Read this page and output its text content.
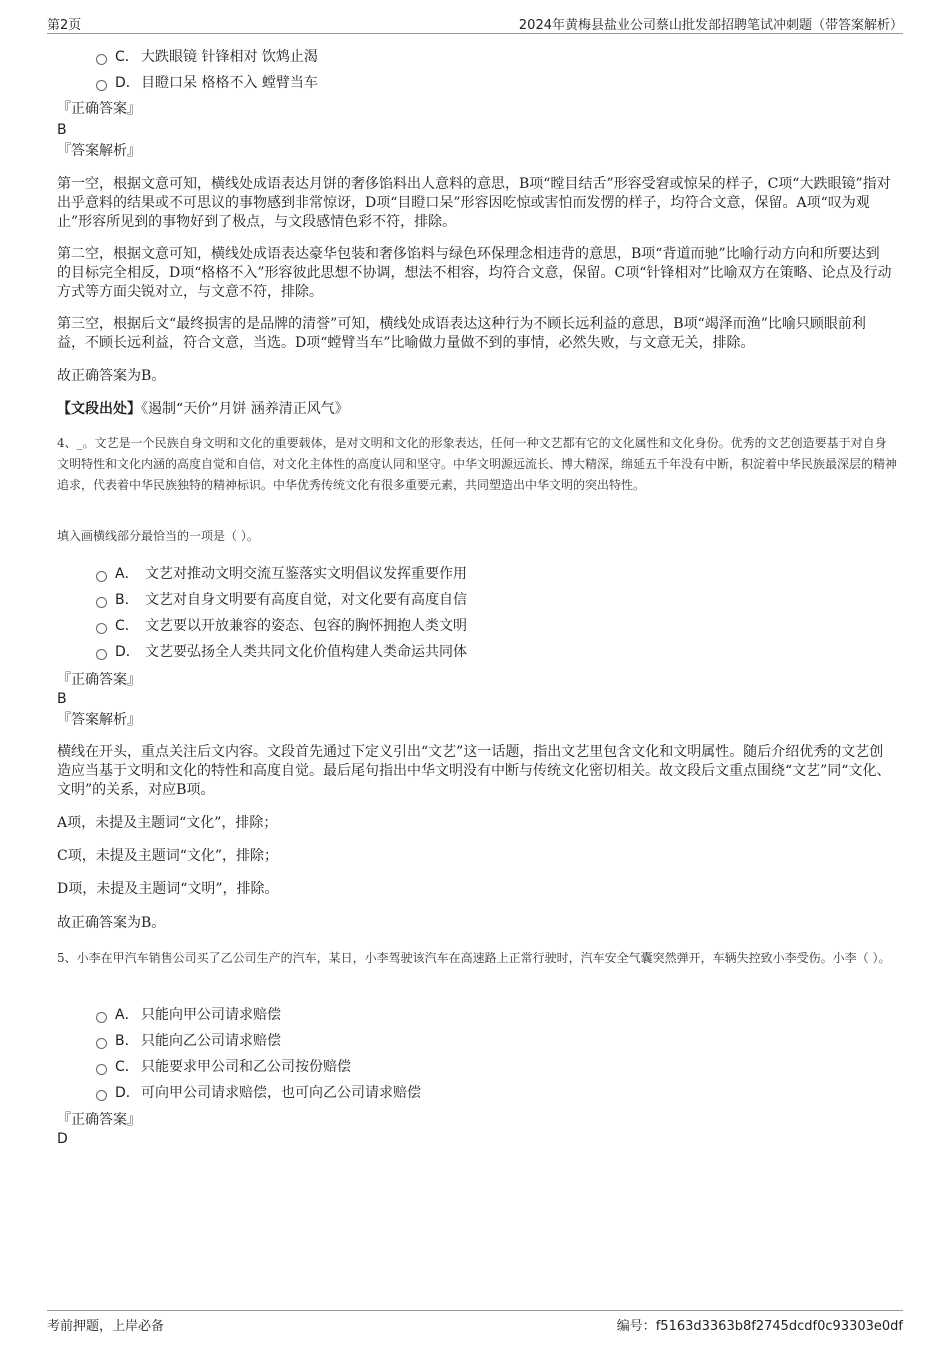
第2页	2024年黄梅县盐业公司蔡山批发部招聘笔试冲刺题（带答案解析）
C． 大跌眼镜 针锋相对 饮鸩止渴
D．目瞪口呆 格格不入 螳臂当车
『正确答案』
B
『答案解析』

第一空，根据文意可知，横线处成语表达月饼的奢侈馅料出人意料的意思，B项“瞠目结舌”形容受窘或惊呆的样子，C项“大跌眼镜”指对出乎意料的结果或不可思议的事物感到非常惊讶，D项“目瞪口呆”形容因吃惊或害怕而发愣的样子，均符合文意，保留。A项“叹为观止”形容所见到的事物好到了极点，与文段感情色彩不符，排除。

第二空，根据文意可知，横线处成语表达豪华包装和奢侈馅料与绿色环保理念相违背的意思，B项“背道而驰”比喻行动方向和所要达到的目标完全相反，D项“格格不入”形容彼此思想不协调，想法不相容，均符合文意，保留。C项“针锋相对”比喻双方在策略、论点及行动方式等方面尖锐对立，与文意不符，排除。

第三空，根据后文“最终损害的是品牌的清誉”可知，横线处成语表达这种行为不顾长远利益的意思，B项“竭泽而渔”比喻只顾眼前利益，不顾长远利益，符合文意，当选。D项“螳臂当车”比喻做力量做不到的事情，必然失败，与文意无关，排除。

故正确答案为B。

【文段出处】《遏制“天价”月饼 涵养清正风气》

4、_。文艺是一个民族自身文明和文化的重要载体，是对文明和文化的形象表达，任何一种文艺都有它的文化属性和文化身份。优秀的文艺创造要基于对自身文明特性和文化内涵的高度自觉和自信，对文化主体性的高度认同和坚守。中华文明源远流长、博大精深，绵延五千年没有中断，积淀着中华民族最深层的精神追求，代表着中华民族独特的精神标识。中华优秀传统文化有很多重要元素，共同塑造出中华文明的突出特性。

填入画横线部分最恰当的一项是（ ）。

A． 文艺对推动文明交流互鉴落实文明倡议发挥重要作用
B. 文艺对自身文明要有高度自觉，对文化要有高度自信
C． 文艺要以开放兼容的姿态、包容的胸怀拥抱人类文明
D． 文艺要弘扬全人类共同文化价值构建人类命运共同体
『正确答案』
B
『答案解析』

横线在开头，重点关注后文内容。文段首先通过下定义引出“文艺”这一话题，指出文艺里包含文化和文明属性。随后介绍优秀的文艺创造应当基于文明和文化的特性和高度自觉。最后尾句指出中华文明没有中断与传统文化密切相关。故文段后文重点围绕“文艺”同“文化、文明”的关系，对应B项。

A项，未提及主题词“文化”，排除；

C项，未提及主题词“文化”，排除；

D项，未提及主题词“文明”，排除。

故正确答案为B。

5、小李在甲汽车销售公司买了乙公司生产的汽车，某日，小李驾驶该汽车在高速路上正常行驶时，汽车安全气囊突然弹开，车辆失控致小李受伤。小李（ ）。

A． 只能向甲公司请求赔偿
B. 只能向乙公司请求赔偿
C． 只能要求甲公司和乙公司按份赔偿
D．可向甲公司请求赔偿，也可向乙公司请求赔偿
『正确答案』
D
考前押题，上岸必备	编号：f5163d3363b8f2745dcdf0c93303e0df
